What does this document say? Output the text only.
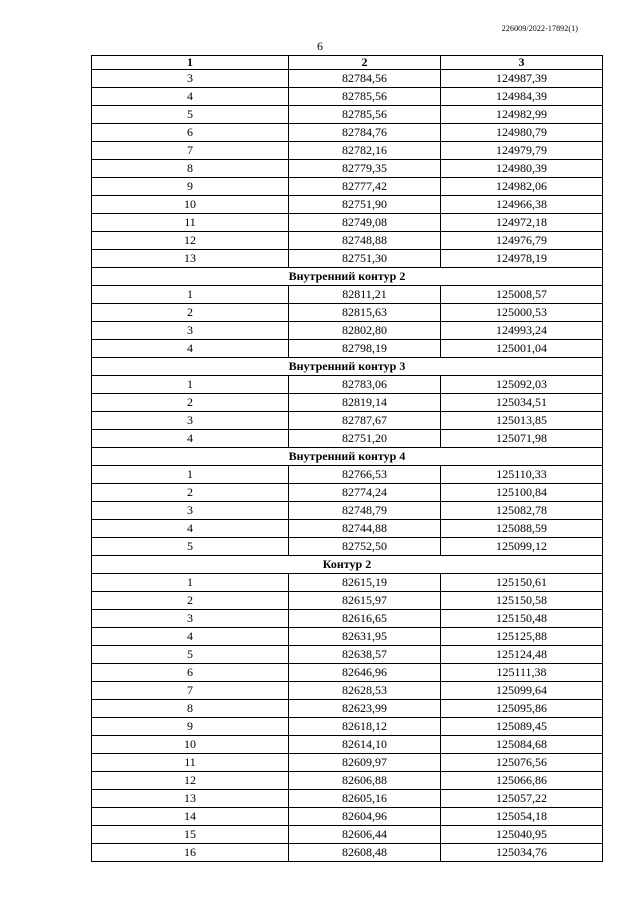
226009/2022-17892(1)
6
1	2	3
3	82784,56	124987,39
4	82785,56	124984,39
5	82785,56	124982,99
6	82784,76	124980,79
7	82782,16	124979,79
8	82779,35	124980,39
9	82777,42	124982,06
10	82751,90	124966,38
11	82749,08	124972,18
12	82748,88	124976,79
13	82751,30	124978,19
Внутренний контур 2		
1	82811,21	125008,57
2	82815,63	125000,53
3	82802,80	124993,24
4	82798,19	125001,04
Внутренний контур 3		
1	82783,06	125092,03
2	82819,14	125034,51
3	82787,67	125013,85
4	82751,20	125071,98
Внутренний контур 4		
1	82766,53	125110,33
2	82774,24	125100,84
3	82748,79	125082,78
4	82744,88	125088,59
5	82752,50	125099,12
Контур 2		
1	82615,19	125150,61
2	82615,97	125150,58
3	82616,65	125150,48
4	82631,95	125125,88
5	82638,57	125124,48
6	82646,96	125111,38
7	82628,53	125099,64
8	82623,99	125095,86
9	82618,12	125089,45
10	82614,10	125084,68
11	82609,97	125076,56
12	82606,88	125066,86
13	82605,16	125057,22
14	82604,96	125054,18
15	82606,44	125040,95
16	82608,48	125034,76
